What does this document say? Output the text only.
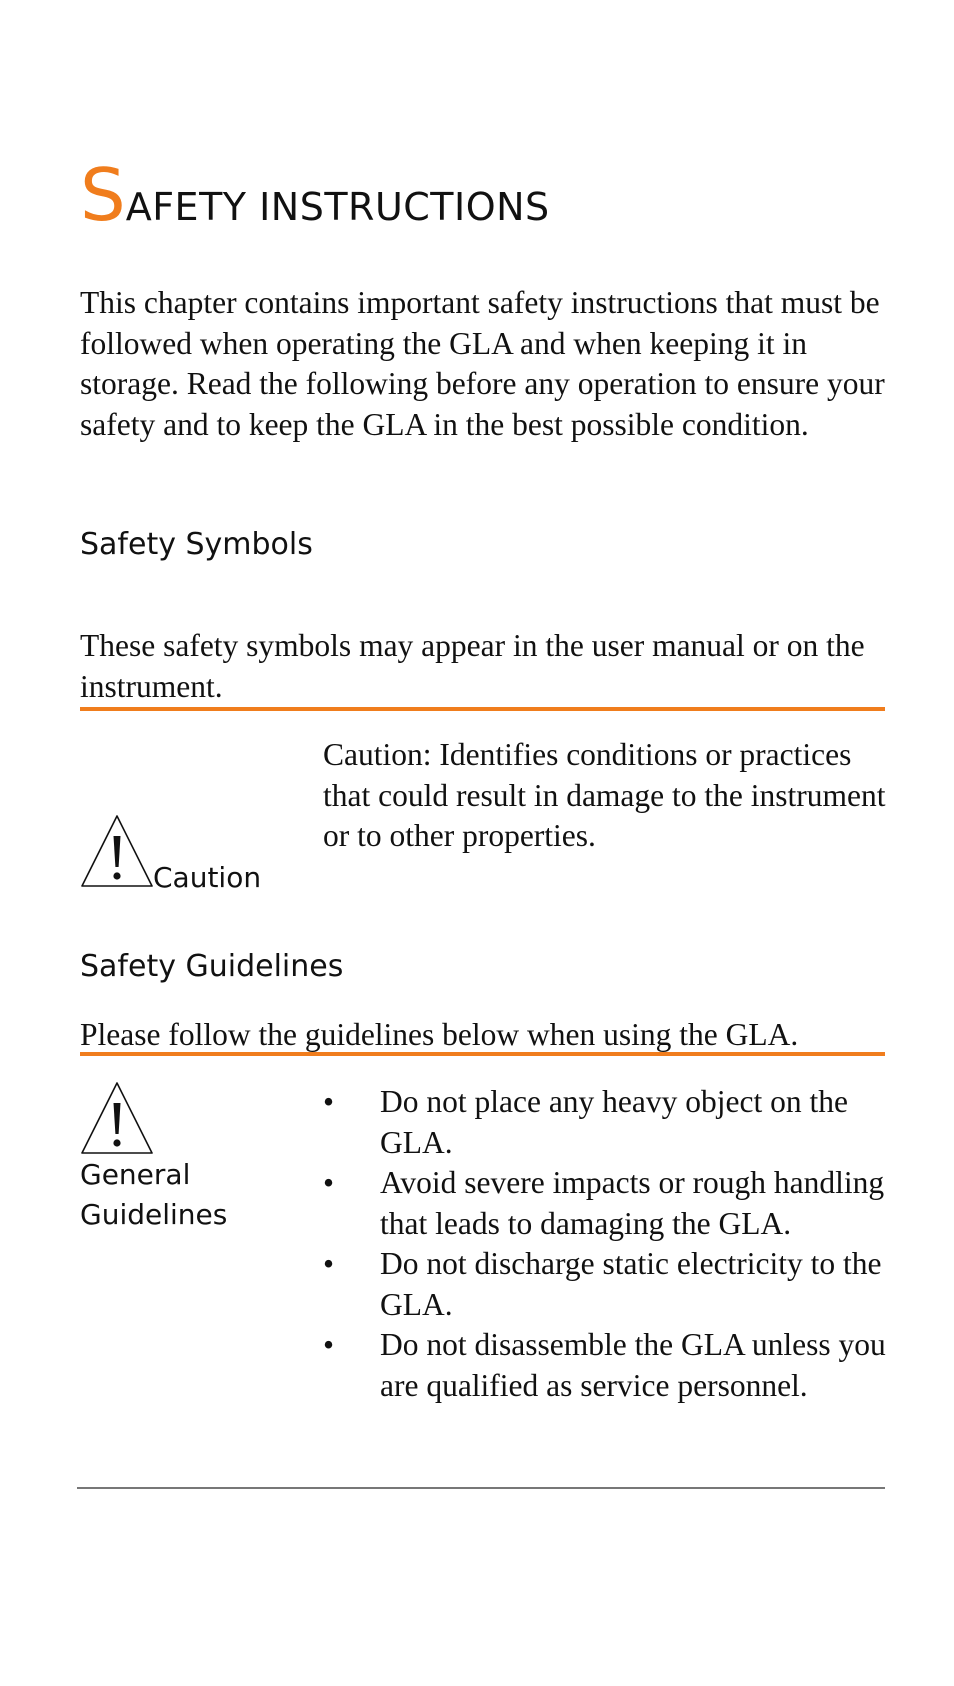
SAFETY INSTRUCTIONS

This chapter contains important safety instructions that must be followed when operating the GLA and when keeping it in storage. Read the following before any operation to ensure your safety and to keep the GLA in the best possible condition.

Safety Symbols

These safety symbols may appear in the user manual or on the instrument.

Caution

Caution: Identifies conditions or practices that could result in damage to the instrument or to other properties.

Safety Guidelines

Please follow the guidelines below when using the GLA.

General Guidelines

• Do not place any heavy object on the GLA.
• Avoid severe impacts or rough handling that leads to damaging the GLA.
• Do not discharge static electricity to the GLA.
• Do not disassemble the GLA unless you are qualified as service personnel.
